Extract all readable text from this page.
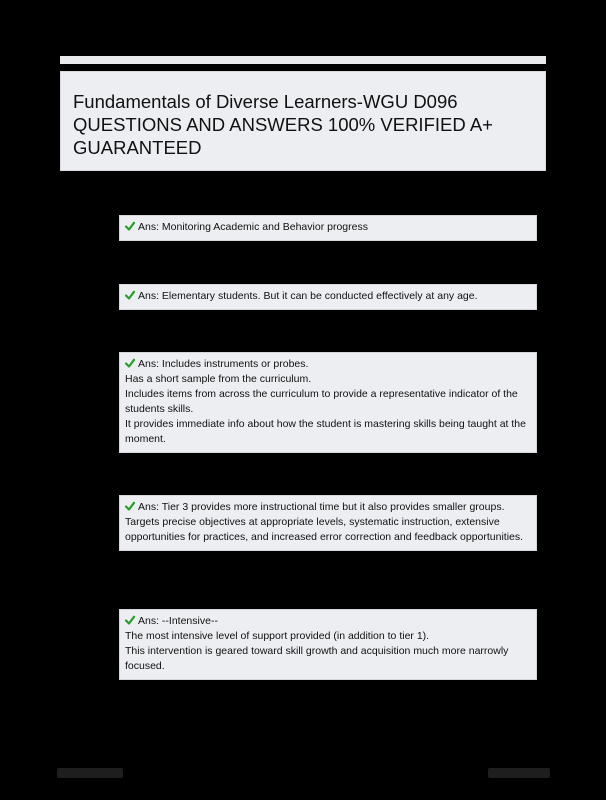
Fundamentals of Diverse Learners-WGU D096
QUESTIONS AND ANSWERS 100% VERIFIED A+
GUARANTEED
Ans: Monitoring Academic and Behavior progress
Ans: Elementary students. But it can be conducted effectively at any age.
Ans: Includes instruments or probes.
Has a short sample from the curriculum.
Includes items from across the curriculum to provide a representative indicator of the students skills.
It provides immediate info about how the student is mastering skills being taught at the moment.
Ans: Tier 3 provides more instructional time but it also provides smaller groups.
Targets precise objectives at appropriate levels, systematic instruction, extensive opportunities for practices, and increased error correction and feedback opportunities.
Ans: --Intensive--
The most intensive level of support provided (in addition to tier 1).
This intervention is geared toward skill growth and acquisition much more narrowly focused.
